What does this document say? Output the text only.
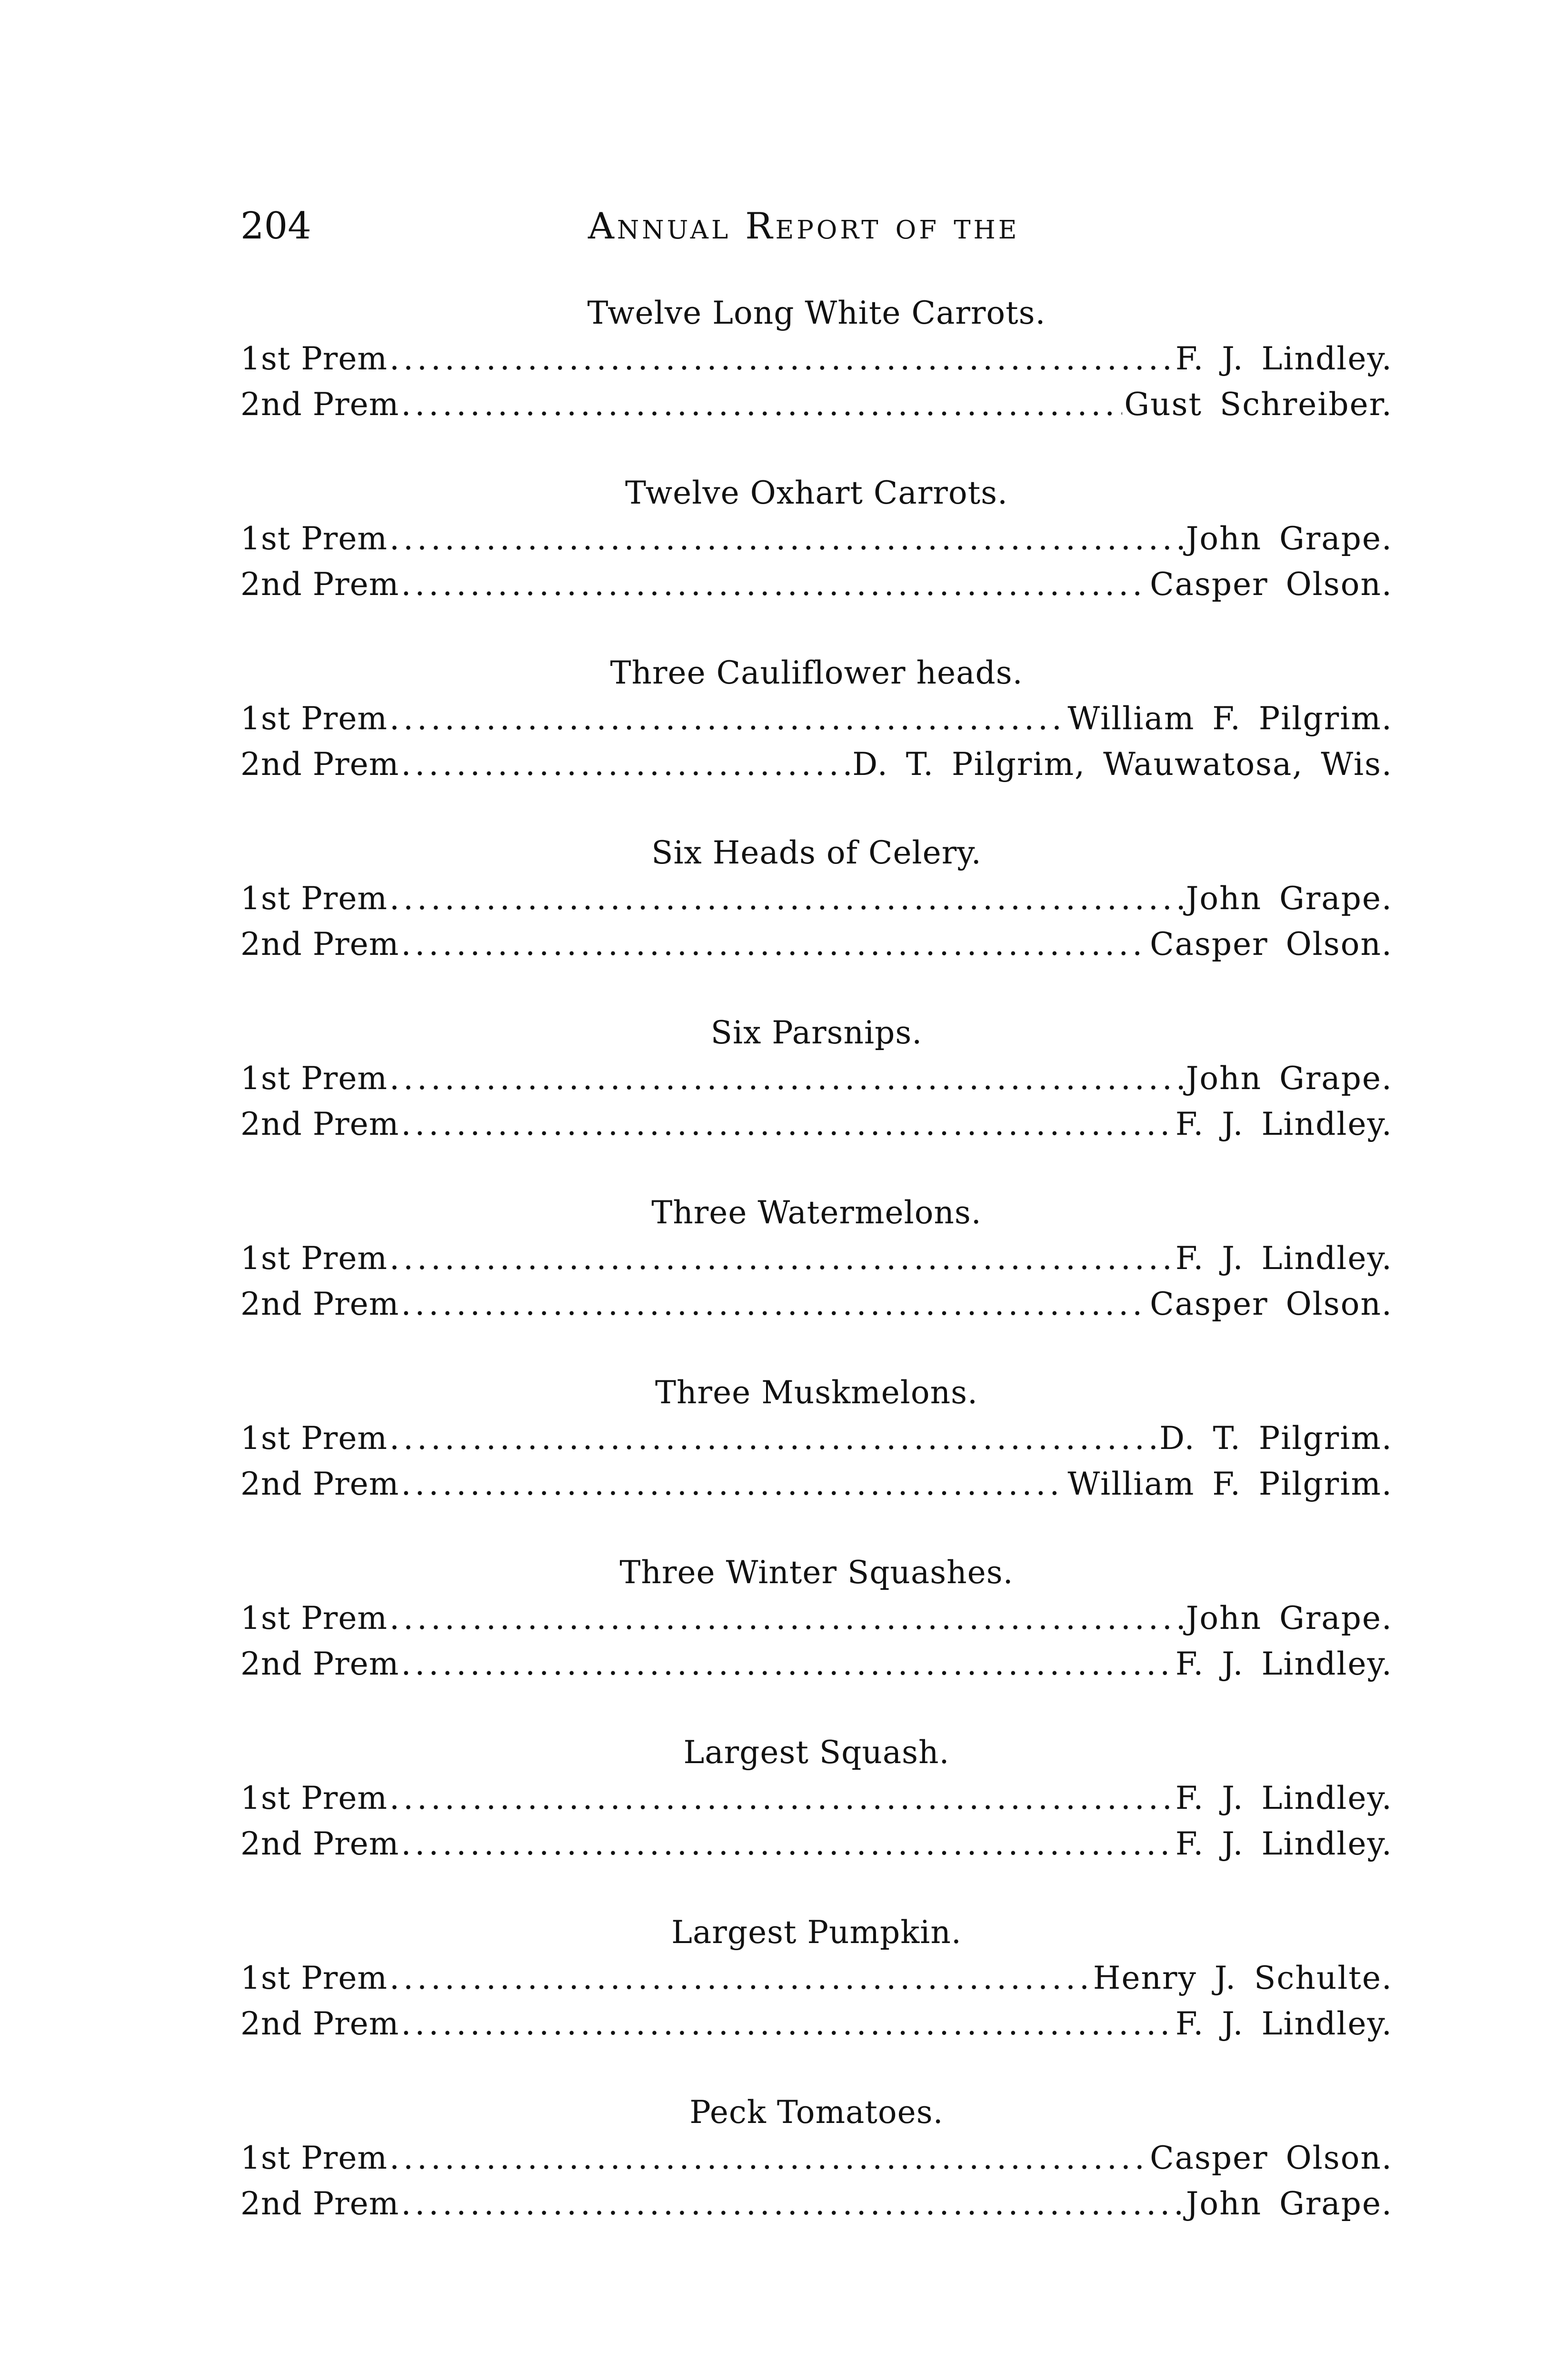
204	Annual Report of the
Twelve Long White Carrots.
1st Prem .....	F. J. Lindley.
2nd Prem .....	Gust Schreiber.
Twelve Oxhart Carrots.
1st Prem .....	John Grape.
2nd Prem .....	Casper Olson.
Three Cauliflower heads.
1st Prem .....	William F. Pilgrim.
2nd Prem .....	D. T. Pilgrim, Wauwatosa, Wis.
Six Heads of Celery.
1st Prem .....	John Grape.
2nd Prem .....	Casper Olson.
Six Parsnips.
1st Prem .....	John Grape.
2nd Prem .....	F. J. Lindley.
Three Watermelons.
1st Prem .....	F. J. Lindley.
2nd Prem .....	Casper Olson.
Three Muskmelons.
1st Prem .....	D. T. Pilgrim.
2nd Prem .....	William F. Pilgrim.
Three Winter Squashes.
1st Prem .....	John Grape.
2nd Prem .....	F. J. Lindley.
Largest Squash.
1st Prem .....	F. J. Lindley.
2nd Prem .....	F. J. Lindley.
Largest Pumpkin.
1st Prem .....	Henry J. Schulte.
2nd Prem .....	F. J. Lindley.
Peck Tomatoes.
1st Prem .....	Casper Olson.
2nd Prem .....	John Grape.
